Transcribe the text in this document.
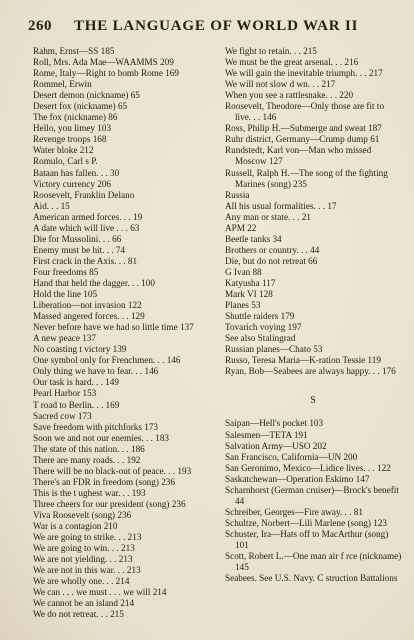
260 THE LANGUAGE OF WORLD WAR II

Rahm, Ernst—SS 185

Roll, Mrs. Ada Mae—WAAMMS 209

Rome, Italy—Right to bomb Rome 169

Rommel, Erwin

Desert demon (nickname) 65

Desert fox (nickname) 65

The fox (nickname) 86

Hello, you limey 103

Revenge troops 168

Water bloke 212

Romulo, Carl s P.

Bataan has fallen. . . 30

Victory currency 206

Roosevelt, Franklin Delano

Aid. . . 15

American armed forces. . . 19

A date which will live . . . 63

Die for Mussolini. . . 66

Enemy must be hit. . . 74

First crack in the Axis. . . 81

Four freedoms 85

Hand that held the dagger. . . 100

Hold the line 105

Liberation—not invasion 122

Massed angered forces. . . 129

Never before have we had so little time 137

A new peace 137

No coasting t victory 139

One symbol only for Frenchmen. . . 146

Only thing we have to fear. . . 146

Our task is hard. . . 149

Pearl Harbor 153

T road to Berlin. . . 169

Sacred cow 173

Save freedom with pitchforks 173

Soon we and not our enemies. . . 183

The state of this nation. . . 186

There are many roads. . . 192

There will be no black-out of peace. . . 193

There's an FDR in freedom (song) 236

This is the t ughest war. . . 193

Three cheers for our president (song) 236

Viva Roosevelt (song) 236

War is a contagion 210

We are going to strike. . . 213

We are going to win. . . 213

We are not yielding. . . 213

We are not in this war. . . 213

We are wholly one. . . 214

We can . . . we must . . . we will 214

We cannot be an island 214

We do not retreat. . . 215

We fight to retain. . . 215

We must be the great arsenal. . . 216

We will gain the inevitable triumph. . . 217

We will not slow d wn. . . 217

When you see a rattlesnake. . . 220

Roosevelt, Theodore—Only those are fit to live. . . 146

Ross, Philip H.—Submerge and sweat 187

Ruhr district, Germany—Crump dump 61

Rundstedt, Karl von—Man who missed Moscow 127

Russell, Ralph H.—The song of the fighting Marines (song) 235

Russia

All his usual formalities. . . 17

Any man or state. . . 21

APM 22

Beetle tanks 34

Brothers or country. . . 44

Die, but do not retreat 66

G Ivan 88

Katyusha 117

Mark VI 128

Planes 53

Shuttle raiders 179

Tovarich voying 197

See also Stalingrad

Russian planes—Chato 53

Russo, Teresa Maria—K-ration Tessie 119

Ryan, Bob—Seabees are always happy. . . 176

S

Saipan—Hell's pocket 103

Salesmen—TETA 191

Salvation Army—USO 202

San Francisco, California—UN 200

San Geronimo, Mexico—Lidice lives. . . 122

Saskatchewan—Operation Eskimo 147

Scharnhorst (German cruiser)—Brock's benefit 44

Schreiber, Georges—Fire away. . . 81

Schultze, Norbert—Lili Marlene (song) 123

Schuster, Ira—Hats off to MacArthur (song) 101

Scott, Robert L.—One man air f rce (nickname) 145

Seabees. See U.S. Navy. C struction Battalions
